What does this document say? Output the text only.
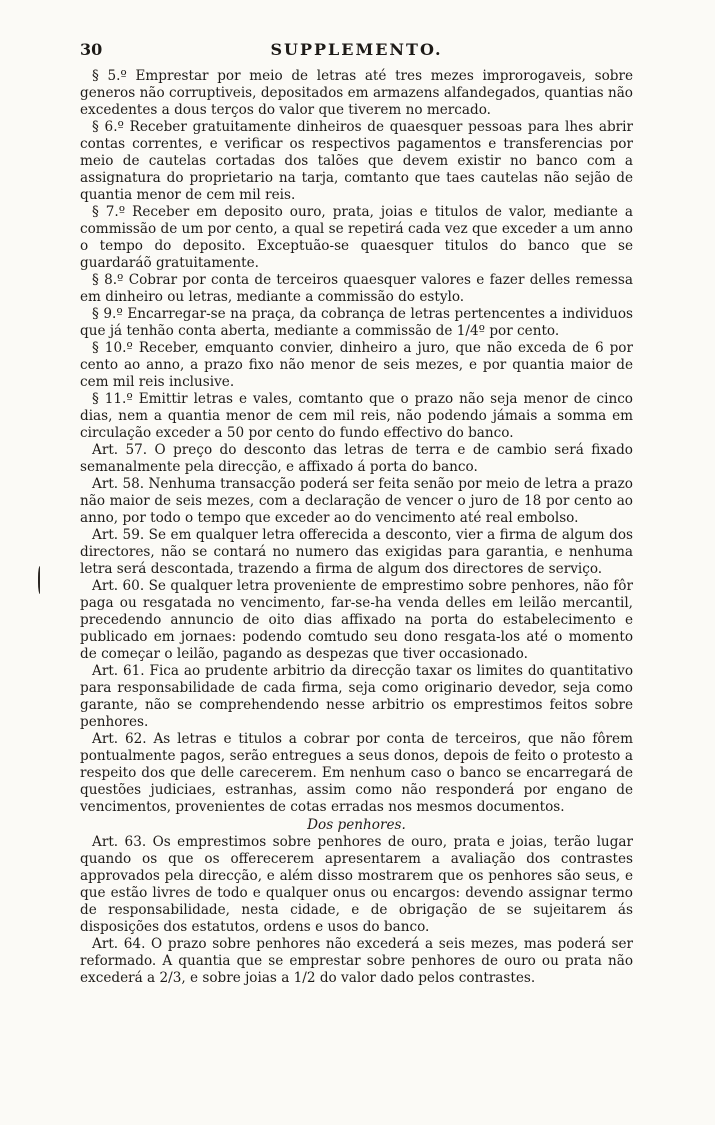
30	SUPPLEMENTO.

§ 5.º Emprestar por meio de letras até tres mezes improrogaveis, sobre generos não corruptiveis, depositados em armazens alfandegados, quantias não excedentes a dous terços do valor que tiverem no mercado.

§ 6.º Receber gratuitamente dinheiros de quaesquer pessoas para lhes abrir contas correntes, e verificar os respectivos pagamentos e transferencias por meio de cautelas cortadas dos talões que devem existir no banco com a assignatura do proprietario na tarja, comtanto que taes cautelas não sejão de quantia menor de cem mil reis.

§ 7.º Receber em deposito ouro, prata, joias e titulos de valor, mediante a commissão de um por cento, a qual se repetirá cada vez que exceder a um anno o tempo do deposito. Exceptuão-se quaesquer titulos do banco que se guardaráõ gratuitamente.

§ 8.º Cobrar por conta de terceiros quaesquer valores e fazer delles remessa em dinheiro ou letras, mediante a commissão do estylo.

§ 9.º Encarregar-se na praça, da cobrança de letras pertencentes a individuos que já tenhão conta aberta, mediante a commissão de 1/4º por cento.

§ 10.º Receber, emquanto convier, dinheiro a juro, que não exceda de 6 por cento ao anno, a prazo fixo não menor de seis mezes, e por quantia maior de cem mil reis inclusive.

§ 11.º Emittir letras e vales, comtanto que o prazo não seja menor de cinco dias, nem a quantia menor de cem mil reis, não podendo jámais a somma em circulação exceder a 50 por cento do fundo effectivo do banco.

Art. 57. O preço do desconto das letras de terra e de cambio será fixado semanalmente pela direcção, e affixado á porta do banco.

Art. 58. Nenhuma transacção poderá ser feita senão por meio de letra a prazo não maior de seis mezes, com a declaração de vencer o juro de 18 por cento ao anno, por todo o tempo que exceder ao do vencimento até real embolso.

Art. 59. Se em qualquer letra offerecida a desconto, vier a firma de algum dos directores, não se contará no numero das exigidas para garantia, e nenhuma letra será descontada, trazendo a firma de algum dos directores de serviço.

Art. 60. Se qualquer letra proveniente de emprestimo sobre penhores, não fôr paga ou resgatada no vencimento, far-se-ha venda delles em leilão mercantil, precedendo annuncio de oito dias affixado na porta do estabelecimento e publicado em jornaes: podendo comtudo seu dono resgata-los até o momento de começar o leilão, pagando as despezas que tiver occasionado.

Art. 61. Fica ao prudente arbitrio da direcção taxar os limites do quantitativo para responsabilidade de cada firma, seja como originario devedor, seja como garante, não se comprehendendo nesse arbitrio os emprestimos feitos sobre penhores.

Art. 62. As letras e titulos a cobrar por conta de terceiros, que não fôrem pontualmente pagos, serão entregues a seus donos, depois de feito o protesto a respeito dos que delle carecerem. Em nenhum caso o banco se encarregará de questões judiciaes, estranhas, assim como não responderá por engano de vencimentos, provenientes de cotas erradas nos mesmos documentos.

Dos penhores.

Art. 63. Os emprestimos sobre penhores de ouro, prata e joias, terão lugar quando os que os offerecerem apresentarem a avaliação dos contrastes approvados pela direcção, e além disso mostrarem que os penhores são seus, e que estão livres de todo e qualquer onus ou encargos: devendo assignar termo de responsabilidade, nesta cidade, e de obrigação de se sujeitarem ás disposições dos estatutos, ordens e usos do banco.

Art. 64. O prazo sobre penhores não excederá a seis mezes, mas poderá ser reformado. A quantia que se emprestar sobre penhores de ouro ou prata não excederá a 2/3, e sobre joias a 1/2 do valor dado pelos contrastes.
